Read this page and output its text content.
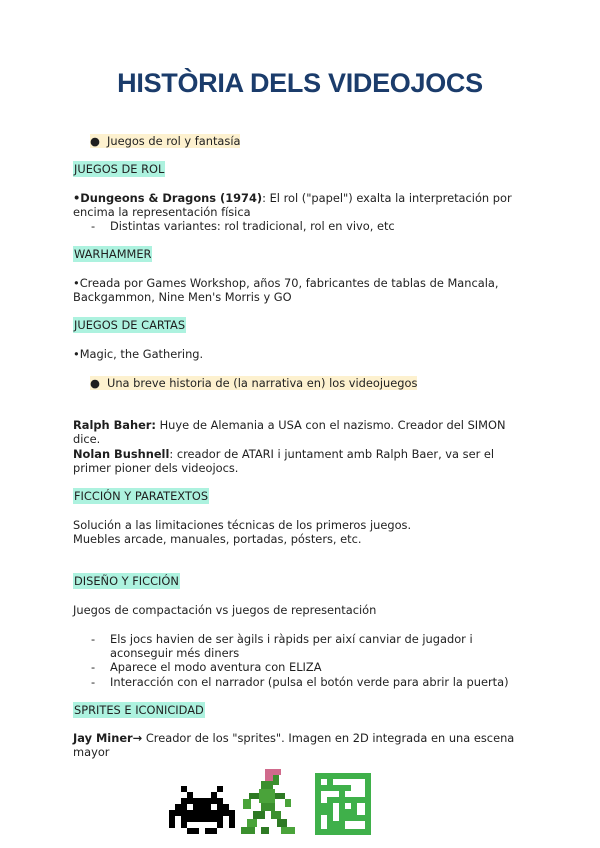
HISTÒRIA DELS VIDEOJOCS
● Juegos de rol y fantasía
JUEGOS DE ROL
•Dungeons & Dragons (1974): El rol ("papel") exalta la interpretación por encima la representación física
-	Distintas variantes: rol tradicional, rol en vivo, etc
WARHAMMER
•Creada por Games Workshop, años 70, fabricantes de tablas de Mancala, Backgammon, Nine Men's Morris y GO
JUEGOS DE CARTAS
•Magic, the Gathering.
● Una breve historia de (la narrativa en) los videojuegos
Ralph Baher: Huye de Alemania a USA con el nazismo. Creador del SIMON dice.
Nolan Bushnell: creador de ATARI i juntament amb Ralph Baer, va ser el primer pioner dels videojocs.
FICCIÓN Y PARATEXTOS
Solución a las limitaciones técnicas de los primeros juegos.
Muebles arcade, manuales, portadas, pósters, etc.
DISEÑO Y FICCIÓN
Juegos de compactación vs juegos de representación
-	Els jocs havien de ser àgils i ràpids per així canviar de jugador i aconseguir més diners
-	Aparece el modo aventura con ELIZA
-	Interacción con el narrador (pulsa el botón verde para abrir la puerta)
SPRITES E ICONICIDAD
Jay Miner→ Creador de los "sprites". Imagen en 2D integrada en una escena mayor
